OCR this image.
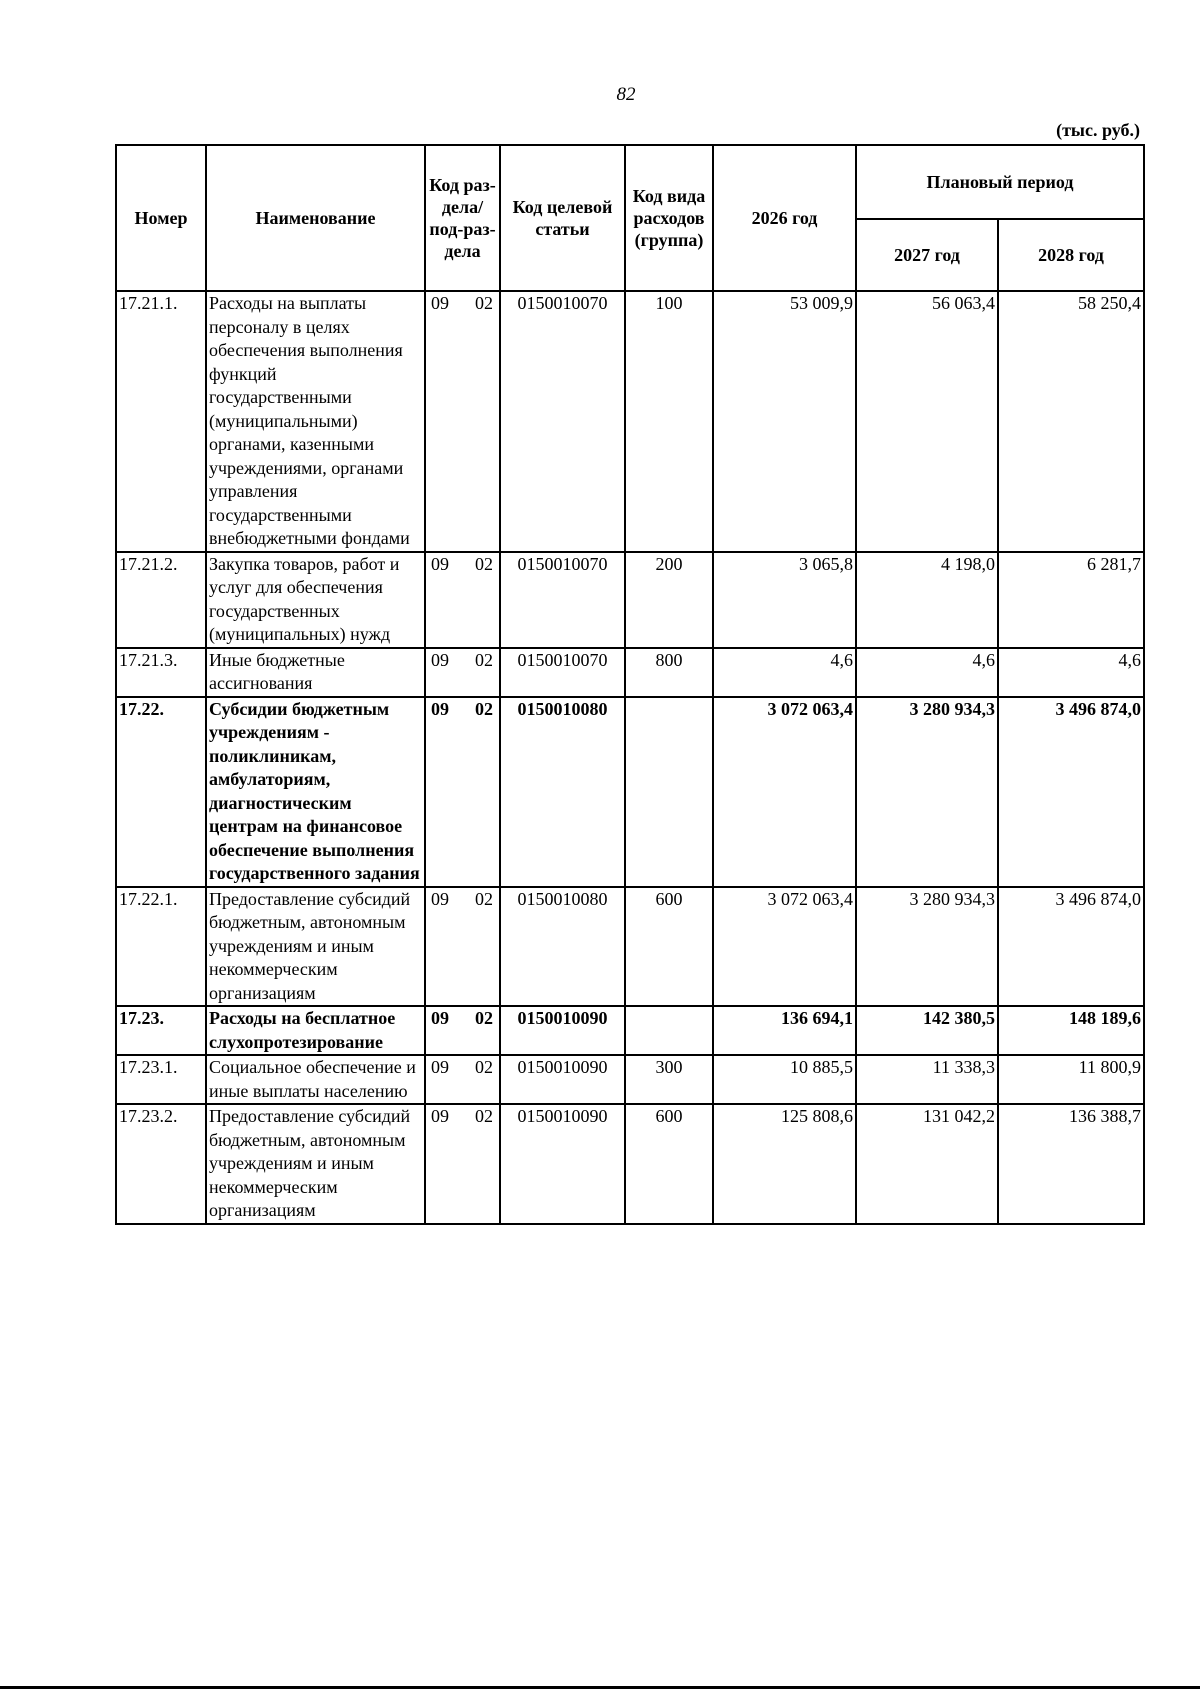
82
(тыс. руб.)
Номер	Наименование	Код раз-дела/ под-раз-дела	Код целевой статьи	Код вида расходов (группа)	2026 год	Плановый период	
						2027 год	2028 год
17.21.1.	Расходы на выплаты персоналу в целях обеспечения выполнения функций государственными (муниципальными) органами, казенными учреждениями, органами управления государственными внебюджетными фондами	09 02	0150010070	100	53 009,9	56 063,4	58 250,4
17.21.2.	Закупка товаров, работ и услуг для обеспечения государственных (муниципальных) нужд	09 02	0150010070	200	3 065,8	4 198,0	6 281,7
17.21.3.	Иные бюджетные ассигнования	09 02	0150010070	800	4,6	4,6	4,6
17.22.	Субсидии бюджетным учреждениям - поликлиникам, амбулаториям, диагностическим центрам на финансовое обеспечение выполнения государственного задания	09 02	0150010080		3 072 063,4	3 280 934,3	3 496 874,0
17.22.1.	Предоставление субсидий бюджетным, автономным учреждениям и иным некоммерческим организациям	09 02	0150010080	600	3 072 063,4	3 280 934,3	3 496 874,0
17.23.	Расходы на бесплатное слухопротезирование	09 02	0150010090		136 694,1	142 380,5	148 189,6
17.23.1.	Социальное обеспечение и иные выплаты населению	09 02	0150010090	300	10 885,5	11 338,3	11 800,9
17.23.2.	Предоставление субсидий бюджетным, автономным учреждениям и иным некоммерческим организациям	09 02	0150010090	600	125 808,6	131 042,2	136 388,7
